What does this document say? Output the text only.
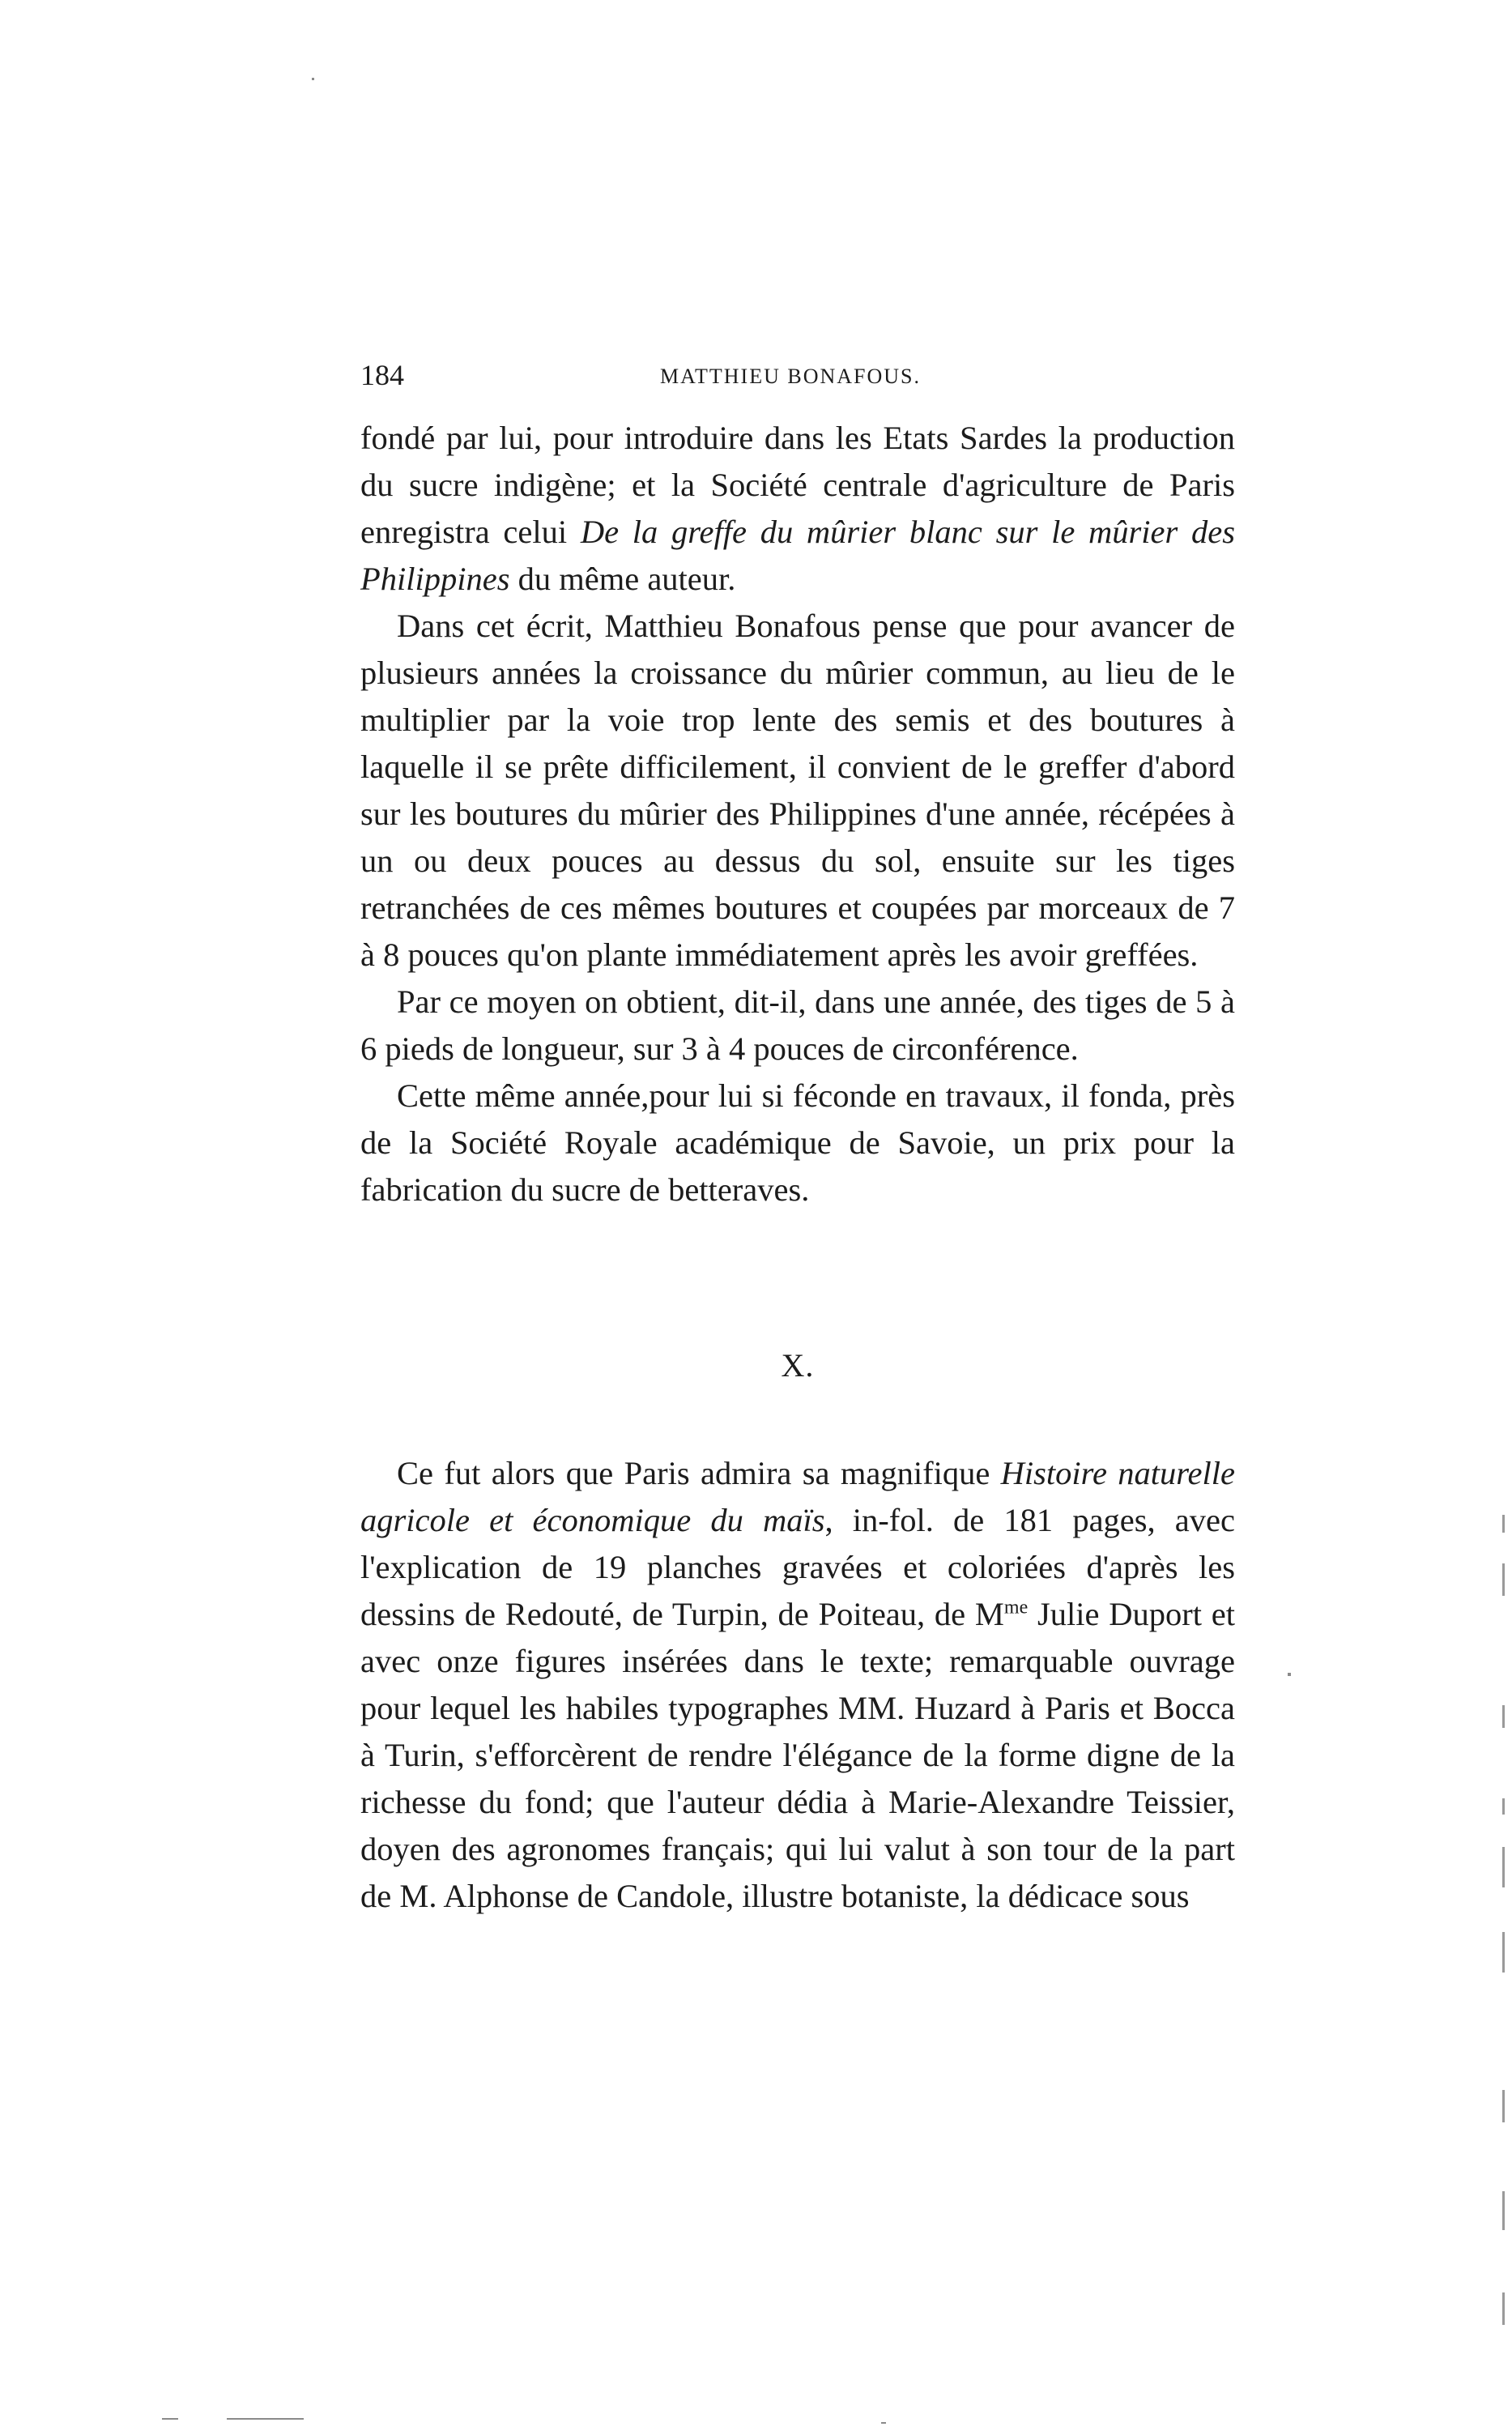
184	MATTHIEU BONAFOUS.

fondé par lui, pour introduire dans les Etats Sardes la production du sucre indigène; et la Société centrale d'agriculture de Paris enregistra celui De la greffe du mûrier blanc sur le mûrier des Philippines du même auteur.

Dans cet écrit, Matthieu Bonafous pense que pour avancer de plusieurs années la croissance du mûrier commun, au lieu de le multiplier par la voie trop lente des semis et des boutures à laquelle il se prête difficilement, il convient de le greffer d'abord sur les boutures du mûrier des Philippines d'une année, récépées à un ou deux pouces au dessus du sol, ensuite sur les tiges retranchées de ces mêmes boutures et coupées par morceaux de 7 à 8 pouces qu'on plante immédiatement après les avoir greffées.

Par ce moyen on obtient, dit-il, dans une année, des tiges de 5 à 6 pieds de longueur, sur 3 à 4 pouces de circonférence.

Cette même année,pour lui si féconde en travaux, il fonda, près de la Société Royale académique de Savoie, un prix pour la fabrication du sucre de betteraves.

X.

Ce fut alors que Paris admira sa magnifique Histoire naturelle agricole et économique du maïs, in-fol. de 181 pages, avec l'explication de 19 planches gravées et coloriées d'après les dessins de Redouté, de Turpin, de Poiteau, de $M^{me}$ Julie Duport et avec onze figures insérées dans le texte; remarquable ouvrage pour lequel les habiles typographes MM. Huzard à Paris et Bocca à Turin, s'efforcèrent de rendre l'élégance de la forme digne de la richesse du fond; que l'auteur dédia à Marie-Alexandre Teissier, doyen des agronomes français; qui lui valut à son tour de la part de M. Alphonse de Candole, illustre botaniste, la dédicace sous
